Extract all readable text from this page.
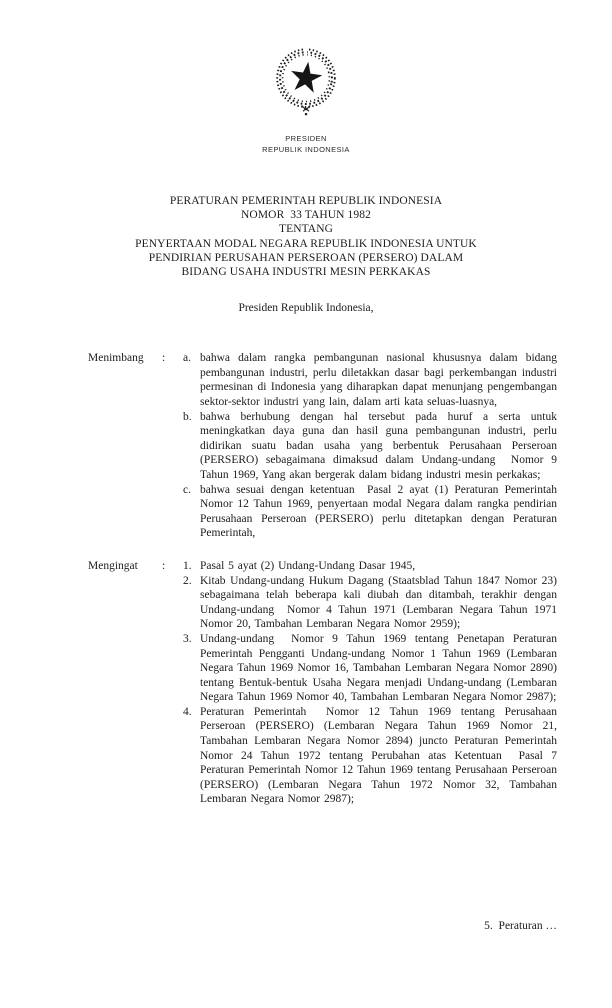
PRESIDEN
REPUBLIK INDONESIA
PERATURAN PEMERINTAH REPUBLIK INDONESIA
NOMOR  33 TAHUN 1982
TENTANG
PENYERTAAN MODAL NEGARA REPUBLIK INDONESIA UNTUK
PENDIRIAN PERUSAHAN PERSEROAN (PERSERO) DALAM
BIDANG USAHA INDUSTRI MESIN PERKAKAS
Presiden Republik Indonesia,
Menimbang	:	a. bahwa dalam rangka pembangunan nasional khususnya dalam bidang pembangunan industri, perlu diletakkan dasar bagi perkembangan industri permesinan di Indonesia yang diharapkan dapat menunjang pengembangan sektor-sektor industri yang lain, dalam arti kata seluas-luasnya,
b. bahwa berhubung dengan hal tersebut pada huruf a serta untuk meningkatkan daya guna dan hasil guna pembangunan industri, perlu didirikan suatu badan usaha yang berbentuk Perusahaan Perseroan (PERSERO) sebagaimana dimaksud dalam Undang-undang  Nomor 9 Tahun 1969, Yang akan bergerak dalam bidang industri mesin perkakas;
c. bahwa sesuai dengan ketentuan  Pasal 2 ayat (1) Peraturan Pemerintah Nomor 12 Tahun 1969, penyertaan modal Negara dalam rangka pendirian Perusahaan Perseroan (PERSERO) perlu ditetapkan dengan Peraturan Pemerintah,
Mengingat	:	1. Pasal 5 ayat (2) Undang-Undang Dasar 1945,
2. Kitab Undang-undang Hukum Dagang (Staatsblad Tahun 1847 Nomor 23) sebagaimana telah beberapa kali diubah dan ditambah, terakhir dengan Undang-undang  Nomor 4 Tahun 1971 (Lembaran Negara Tahun 1971 Nomor 20, Tambahan Lembaran Negara Nomor 2959);
3. Undang-undang  Nomor 9 Tahun 1969 tentang Penetapan Peraturan Pemerintah Pengganti Undang-undang Nomor 1 Tahun 1969 (Lembaran Negara Tahun 1969 Nomor 16, Tambahan Lembaran Negara Nomor 2890) tentang Bentuk-bentuk Usaha Negara menjadi Undang-undang (Lembaran Negara Tahun 1969 Nomor 40, Tambahan Lembaran Negara Nomor 2987);
4. Peraturan Pemerintah  Nomor 12 Tahun 1969 tentang Perusahaan Perseroan (PERSERO) (Lembaran Negara Tahun 1969 Nomor 21, Tambahan Lembaran Negara Nomor 2894) juncto Peraturan Pemerintah  Nomor 24 Tahun 1972 tentang Perubahan atas Ketentuan  Pasal 7 Peraturan Pemerintah Nomor 12 Tahun 1969 tentang Perusahaan Perseroan (PERSERO) (Lembaran Negara Tahun 1972 Nomor 32, Tambahan Lembaran Negara Nomor 2987);
5.  Peraturan …
